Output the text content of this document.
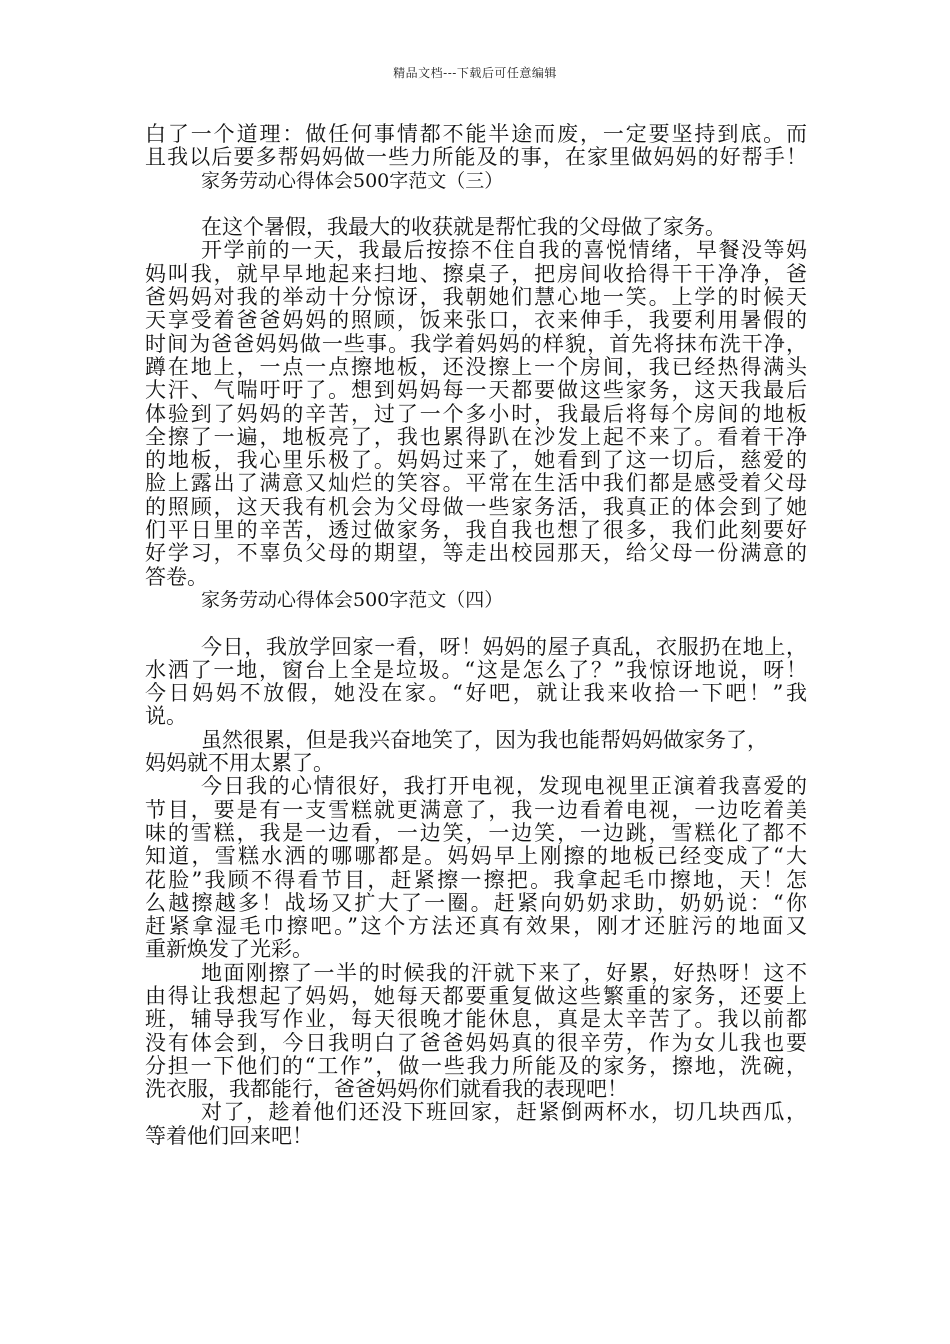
精品文档---下载后可任意编辑
白了一个道理：做任何事情都不能半途而废，一定要坚持到底。而
且我以后要多帮妈妈做一些力所能及的事，在家里做妈妈的好帮手！
家务劳动心得体会500字范文（三）
在这个暑假，我最大的收获就是帮忙我的父母做了家务。
开学前的一天，我最后按捺不住自我的喜悦情绪，早餐没等妈
妈叫我，就早早地起来扫地、擦桌子，把房间收拾得干干净净，爸
爸妈妈对我的举动十分惊讶，我朝她们慧心地一笑。上学的时候天
天享受着爸爸妈妈的照顾，饭来张口，衣来伸手，我要利用暑假的
时间为爸爸妈妈做一些事。我学着妈妈的样貌，首先将抹布洗干净，
蹲在地上，一点一点擦地板，还没擦上一个房间，我已经热得满头
大汗、气喘吁吁了。想到妈妈每一天都要做这些家务，这天我最后
体验到了妈妈的辛苦，过了一个多小时，我最后将每个房间的地板
全擦了一遍，地板亮了，我也累得趴在沙发上起不来了。看着干净
的地板，我心里乐极了。妈妈过来了，她看到了这一切后，慈爱的
脸上露出了满意又灿烂的笑容。平常在生活中我们都是感受着父母
的照顾，这天我有机会为父母做一些家务活，我真正的体会到了她
们平日里的辛苦，透过做家务，我自我也想了很多，我们此刻要好
好学习，不辜负父母的期望，等走出校园那天，给父母一份满意的
答卷。
家务劳动心得体会500字范文（四）
今日，我放学回家一看，呀！妈妈的屋子真乱，衣服扔在地上，
水洒了一地，窗台上全是垃圾。“这是怎么了？”我惊讶地说，呀！
今日妈妈不放假，她没在家。“好吧，就让我来收拾一下吧！”我
说。
虽然很累，但是我兴奋地笑了，因为我也能帮妈妈做家务了，
妈妈就不用太累了。
今日我的心情很好，我打开电视，发现电视里正演着我喜爱的
节目，要是有一支雪糕就更满意了，我一边看着电视，一边吃着美
味的雪糕，我是一边看，一边笑，一边笑，一边跳，雪糕化了都不
知道，雪糕水洒的哪哪都是。妈妈早上刚擦的地板已经变成了“大
花脸”我顾不得看节目，赶紧擦一擦把。我拿起毛巾擦地，天！怎
么越擦越多！战场又扩大了一圈。赶紧向奶奶求助，奶奶说：“你
赶紧拿湿毛巾擦吧。”这个方法还真有效果，刚才还脏污的地面又
重新焕发了光彩。
地面刚擦了一半的时候我的汗就下来了，好累，好热呀！这不
由得让我想起了妈妈，她每天都要重复做这些繁重的家务，还要上
班，辅导我写作业，每天很晚才能休息，真是太辛苦了。我以前都
没有体会到，今日我明白了爸爸妈妈真的很辛劳，作为女儿我也要
分担一下他们的“工作”，做一些我力所能及的家务，擦地，洗碗，
洗衣服，我都能行，爸爸妈妈你们就看我的表现吧！
对了，趁着他们还没下班回家，赶紧倒两杯水，切几块西瓜，
等着他们回来吧！
